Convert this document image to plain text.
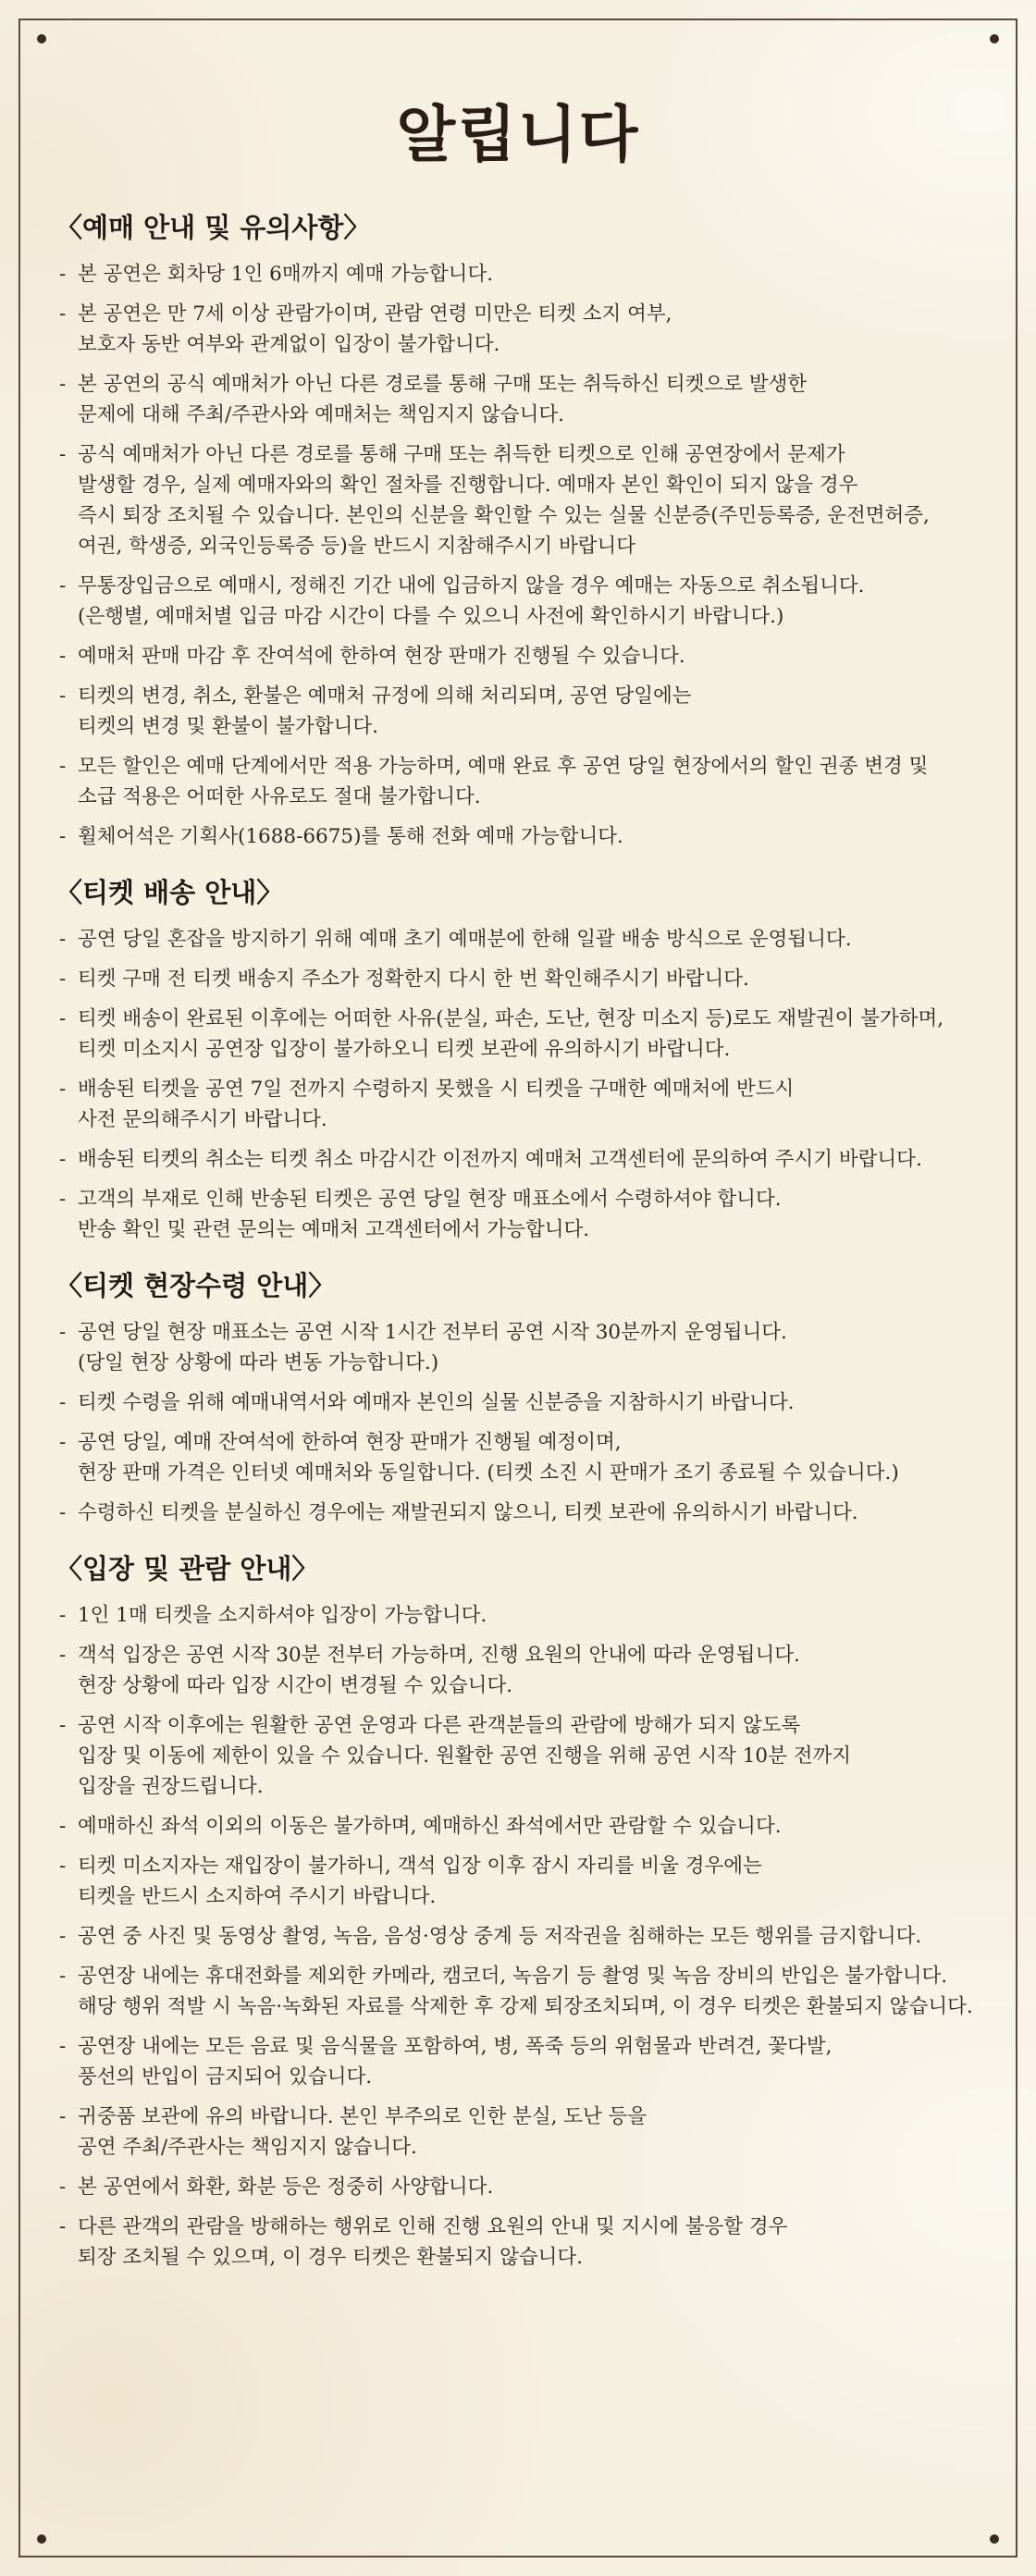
알립니다
〈예매 안내 및 유의사항〉
- 본 공연은 회차당 1인 6매까지 예매 가능합니다.
- 본 공연은 만 7세 이상 관람가이며, 관람 연령 미만은 티켓 소지 여부,
보호자 동반 여부와 관계없이 입장이 불가합니다.
- 본 공연의 공식 예매처가 아닌 다른 경로를 통해 구매 또는 취득하신 티켓으로 발생한
문제에 대해 주최/주관사와 예매처는 책임지지 않습니다.
- 공식 예매처가 아닌 다른 경로를 통해 구매 또는 취득한 티켓으로 인해 공연장에서 문제가
발생할 경우, 실제 예매자와의 확인 절차를 진행합니다. 예매자 본인 확인이 되지 않을 경우
즉시 퇴장 조치될 수 있습니다. 본인의 신분을 확인할 수 있는 실물 신분증(주민등록증, 운전면허증,
여권, 학생증, 외국인등록증 등)을 반드시 지참해주시기 바랍니다
- 무통장입금으로 예매시, 정해진 기간 내에 입금하지 않을 경우 예매는 자동으로 취소됩니다.
(은행별, 예매처별 입금 마감 시간이 다를 수 있으니 사전에 확인하시기 바랍니다.)
- 예매처 판매 마감 후 잔여석에 한하여 현장 판매가 진행될 수 있습니다.
- 티켓의 변경, 취소, 환불은 예매처 규정에 의해 처리되며, 공연 당일에는
티켓의 변경 및 환불이 불가합니다.
- 모든 할인은 예매 단계에서만 적용 가능하며, 예매 완료 후 공연 당일 현장에서의 할인 권종 변경 및
소급 적용은 어떠한 사유로도 절대 불가합니다.
- 휠체어석은 기획사(1688-6675)를 통해 전화 예매 가능합니다.
〈티켓 배송 안내〉
- 공연 당일 혼잡을 방지하기 위해 예매 초기 예매분에 한해 일괄 배송 방식으로 운영됩니다.
- 티켓 구매 전 티켓 배송지 주소가 정확한지 다시 한 번 확인해주시기 바랍니다.
- 티켓 배송이 완료된 이후에는 어떠한 사유(분실, 파손, 도난, 현장 미소지 등)로도 재발권이 불가하며,
티켓 미소지시 공연장 입장이 불가하오니 티켓 보관에 유의하시기 바랍니다.
- 배송된 티켓을 공연 7일 전까지 수령하지 못했을 시 티켓을 구매한 예매처에 반드시
사전 문의해주시기 바랍니다.
- 배송된 티켓의 취소는 티켓 취소 마감시간 이전까지 예매처 고객센터에 문의하여 주시기 바랍니다.
- 고객의 부재로 인해 반송된 티켓은 공연 당일 현장 매표소에서 수령하셔야 합니다.
반송 확인 및 관련 문의는 예매처 고객센터에서 가능합니다.
〈티켓 현장수령 안내〉
- 공연 당일 현장 매표소는 공연 시작 1시간 전부터 공연 시작 30분까지 운영됩니다.
(당일 현장 상황에 따라 변동 가능합니다.)
- 티켓 수령을 위해 예매내역서와 예매자 본인의 실물 신분증을 지참하시기 바랍니다.
- 공연 당일, 예매 잔여석에 한하여 현장 판매가 진행될 예정이며,
현장 판매 가격은 인터넷 예매처와 동일합니다. (티켓 소진 시 판매가 조기 종료될 수 있습니다.)
- 수령하신 티켓을 분실하신 경우에는 재발권되지 않으니, 티켓 보관에 유의하시기 바랍니다.
〈입장 및 관람 안내〉
- 1인 1매 티켓을 소지하셔야 입장이 가능합니다.
- 객석 입장은 공연 시작 30분 전부터 가능하며, 진행 요원의 안내에 따라 운영됩니다.
현장 상황에 따라 입장 시간이 변경될 수 있습니다.
- 공연 시작 이후에는 원활한 공연 운영과 다른 관객분들의 관람에 방해가 되지 않도록
입장 및 이동에 제한이 있을 수 있습니다. 원활한 공연 진행을 위해 공연 시작 10분 전까지
입장을 권장드립니다.
- 예매하신 좌석 이외의 이동은 불가하며, 예매하신 좌석에서만 관람할 수 있습니다.
- 티켓 미소지자는 재입장이 불가하니, 객석 입장 이후 잠시 자리를 비울 경우에는
티켓을 반드시 소지하여 주시기 바랍니다.
- 공연 중 사진 및 동영상 촬영, 녹음, 음성·영상 중계 등 저작권을 침해하는 모든 행위를 금지합니다.
- 공연장 내에는 휴대전화를 제외한 카메라, 캠코더, 녹음기 등 촬영 및 녹음 장비의 반입은 불가합니다.
해당 행위 적발 시 녹음·녹화된 자료를 삭제한 후 강제 퇴장조치되며, 이 경우 티켓은 환불되지 않습니다.
- 공연장 내에는 모든 음료 및 음식물을 포함하여, 병, 폭죽 등의 위험물과 반려견, 꽃다발,
풍선의 반입이 금지되어 있습니다.
- 귀중품 보관에 유의 바랍니다. 본인 부주의로 인한 분실, 도난 등을
공연 주최/주관사는 책임지지 않습니다.
- 본 공연에서 화환, 화분 등은 정중히 사양합니다.
- 다른 관객의 관람을 방해하는 행위로 인해 진행 요원의 안내 및 지시에 불응할 경우
퇴장 조치될 수 있으며, 이 경우 티켓은 환불되지 않습니다.
